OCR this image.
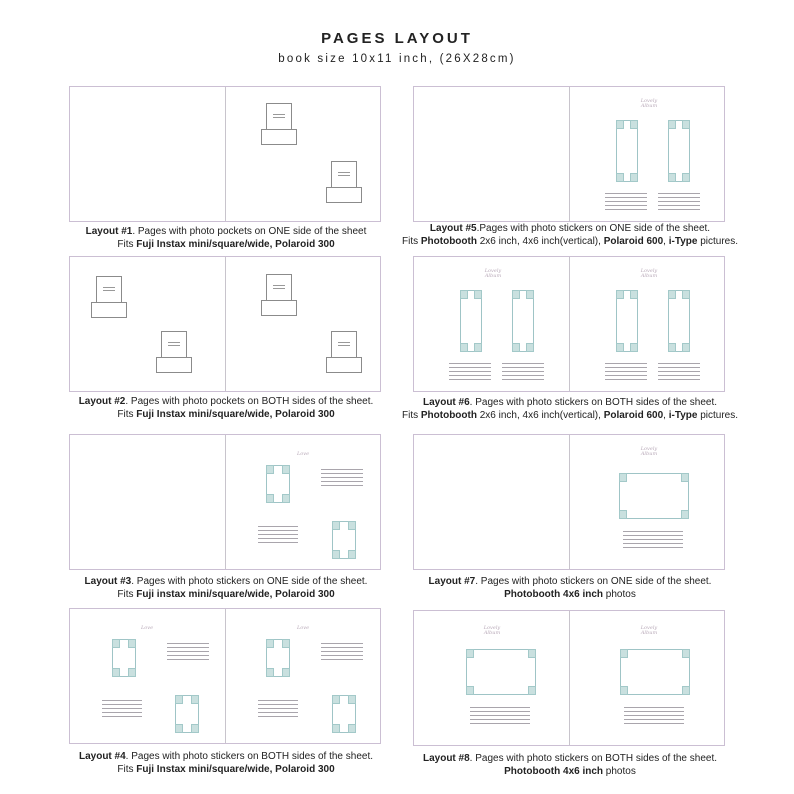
PAGES LAYOUT
book size 10x11 inch, (26X28cm)
Layout #1. Pages with photo pockets on ONE side of the sheet
Fits Fuji Instax mini/square/wide, Polaroid 300
Layout #2. Pages with photo pockets on BOTH sides of the sheet.
Fits Fuji Instax mini/square/wide, Polaroid 300
Love
Layout #3. Pages with photo stickers on ONE side of the sheet.
Fits Fuji instax mini/square/wide, Polaroid 300
Love	Love
Layout #4. Pages with photo stickers on BOTH sides of the sheet.
Fits Fuji Instax mini/square/wide, Polaroid 300
Lovely Album
Layout #5.Pages with photo stickers on ONE side of the sheet.
Fits Photobooth 2x6 inch, 4x6 inch(vertical), Polaroid 600, i-Type pictures.
Lovely Album
Lovely Album
Layout #6. Pages with photo stickers on BOTH sides of the sheet.
Fits Photobooth 2x6 inch, 4x6 inch(vertical), Polaroid 600, i-Type pictures.
Lovely Album
Layout #7. Pages with photo stickers on ONE side of the sheet.
Photobooth 4x6 inch photos
Lovely Album
Lovely Album
Layout #8. Pages with photo stickers on BOTH sides of the sheet.
Photobooth 4x6 inch photos
